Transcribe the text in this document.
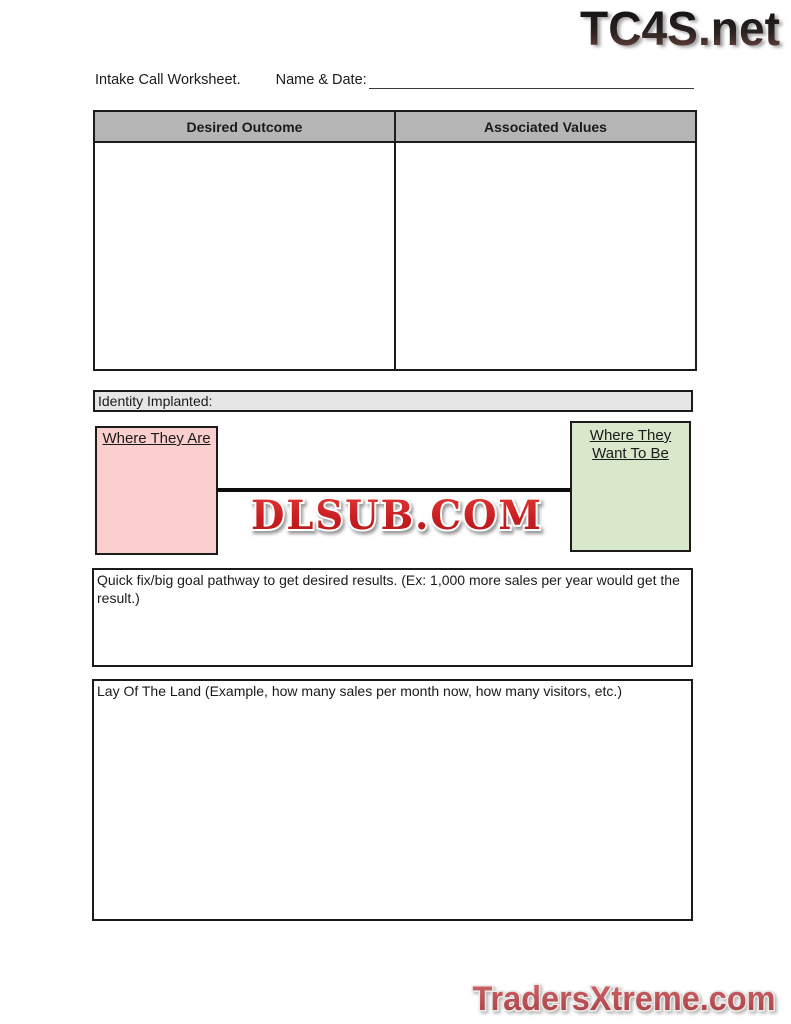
TC4S.net
Intake Call Worksheet. Name & Date:
Desired Outcome	Associated Values
Identity Implanted:
Where They Are	Where They
Want To Be
DLSUB.COM
Quick fix/big goal pathway to get desired results. (Ex: 1,000 more sales per year would get the result.)
Lay Of The Land (Example, how many sales per month now, how many visitors, etc.)
TradersXtreme.com
